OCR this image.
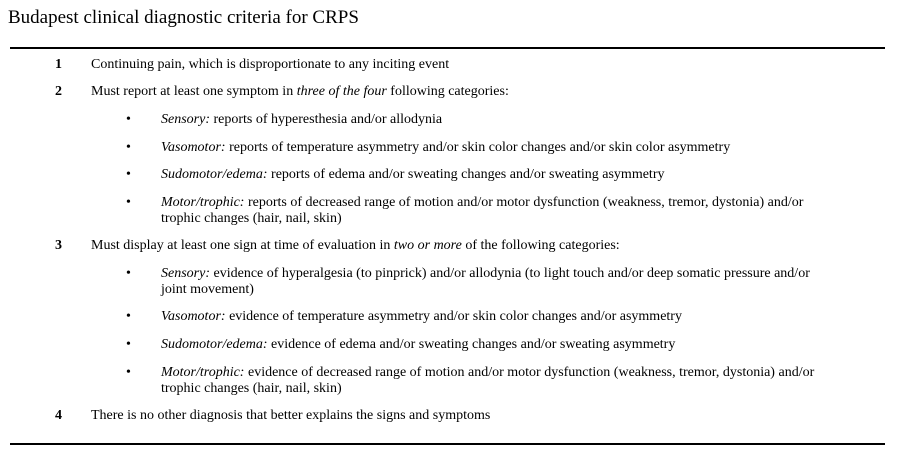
Budapest clinical diagnostic criteria for CRPS
1 Continuing pain, which is disproportionate to any inciting event
2 Must report at least one symptom in three of the four following categories:
• Sensory: reports of hyperesthesia and/or allodynia
• Vasomotor: reports of temperature asymmetry and/or skin color changes and/or skin color asymmetry
• Sudomotor/edema: reports of edema and/or sweating changes and/or sweating asymmetry
• Motor/trophic: reports of decreased range of motion and/or motor dysfunction (weakness, tremor, dystonia) and/or
trophic changes (hair, nail, skin)
3 Must display at least one sign at time of evaluation in two or more of the following categories:
• Sensory: evidence of hyperalgesia (to pinprick) and/or allodynia (to light touch and/or deep somatic pressure and/or
joint movement)
• Vasomotor: evidence of temperature asymmetry and/or skin color changes and/or asymmetry
• Sudomotor/edema: evidence of edema and/or sweating changes and/or sweating asymmetry
• Motor/trophic: evidence of decreased range of motion and/or motor dysfunction (weakness, tremor, dystonia) and/or
trophic changes (hair, nail, skin)
4 There is no other diagnosis that better explains the signs and symptoms
